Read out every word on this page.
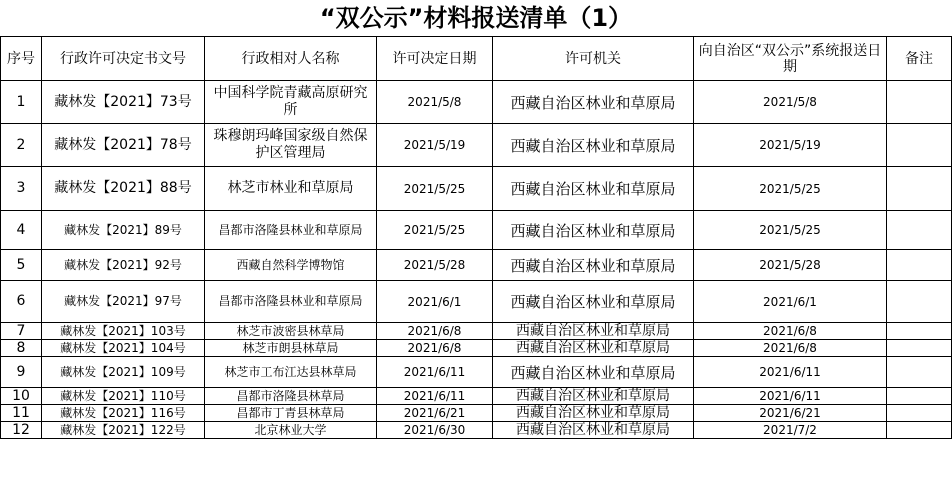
“双公示”材料报送清单（1）
序号	行政许可决定书文号	行政相对人名称	许可决定日期	许可机关	向自治区“双公示”系统报送日期	备注
1	藏林发【2021】73号	中国科学院青藏高原研究所	2021/5/8	西藏自治区林业和草原局	2021/5/8	
2	藏林发【2021】78号	珠穆朗玛峰国家级自然保护区管理局	2021/5/19	西藏自治区林业和草原局	2021/5/19	
3	藏林发【2021】88号	林芝市林业和草原局	2021/5/25	西藏自治区林业和草原局	2021/5/25	
4	藏林发【2021】89号	昌都市洛隆县林业和草原局	2021/5/25	西藏自治区林业和草原局	2021/5/25	
5	藏林发【2021】92号	西藏自然科学博物馆	2021/5/28	西藏自治区林业和草原局	2021/5/28	
6	藏林发【2021】97号	昌都市洛隆县林业和草原局	2021/6/1	西藏自治区林业和草原局	2021/6/1	
7	藏林发【2021】103号	林芝市波密县林草局	2021/6/8	西藏自治区林业和草原局	2021/6/8	
8	藏林发【2021】104号	林芝市朗县林草局	2021/6/8	西藏自治区林业和草原局	2021/6/8	
9	藏林发【2021】109号	林芝市工布江达县林草局	2021/6/11	西藏自治区林业和草原局	2021/6/11	
10	藏林发【2021】110号	昌都市洛隆县林草局	2021/6/11	西藏自治区林业和草原局	2021/6/11	
11	藏林发【2021】116号	昌都市丁青县林草局	2021/6/21	西藏自治区林业和草原局	2021/6/21	
12	藏林发【2021】122号	北京林业大学	2021/6/30	西藏自治区林业和草原局	2021/7/2	
